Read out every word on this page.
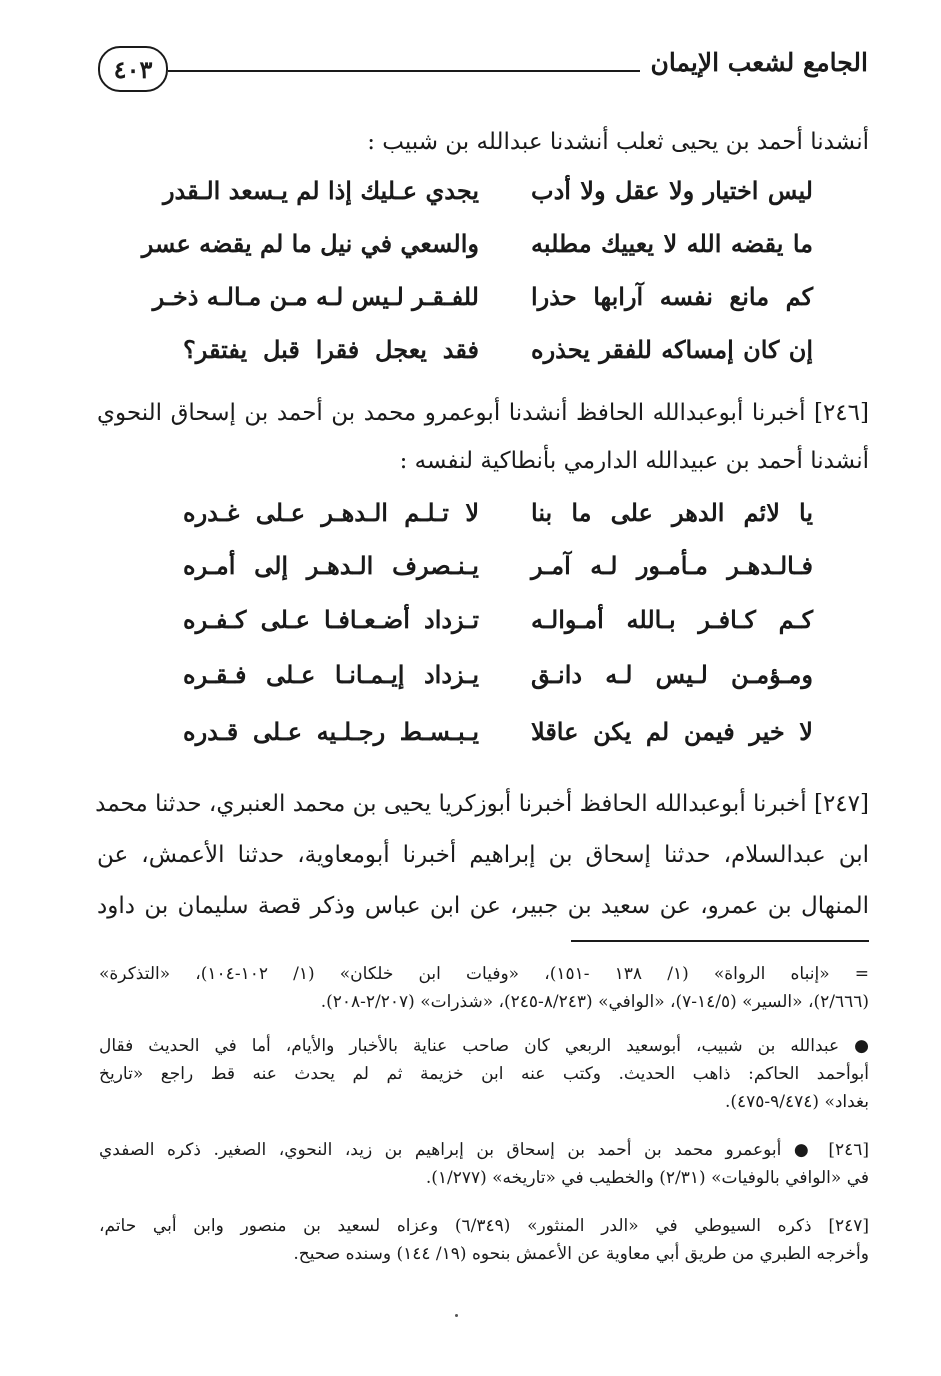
الجامع لشعب الإيمان
٤٠٣
أنشدنا أحمد بن يحيى ثعلب أنشدنا عبدالله بن شبيب :
ليس اختيار ولا عقل ولا أدب
يجدي عـليك إذا لم يـسعد الـقدر
ما يقضه الله لا يعييك مطلبه
والسعي في نيل ما لم يقضه عسر
كم مانع نفسه آرابها حذرا
للفـقـر لـيس لـه مـن مـالـه ذخـر
إن كان إمساكه للفقر يحذره
فقد يعجل فقرا قبل يفتقر؟
[٢٤٦] أخبرنا أبوعبدالله الحافظ أنشدنا أبوعمرو محمد بن أحمد بن إسحاق النحوي
أنشدنا أحمد بن عبيدالله الدارمي بأنطاكية لنفسه :
يا لائم الدهر على ما بنا
لا تـلـم الـدهـر عـلى غـدره
فـالـدهـر مـأمـور لـه آمـر
يـنـصرف الـدهـر إلى أمـره
كـم كـافـر بـالله أمـوالـه
تـزداد أضـعـافـا عـلى كـفـره
ومـؤمـن لـيس لـه دانـق
يـزداد إيـمـانـا عـلى فـقـره
لا خير فيمن لم يكن عاقلا
يـبـسـط رجـلـيه عـلى قـدره
[٢٤٧] أخبرنا أبوعبدالله الحافظ أخبرنا أبوزكريا يحيى بن محمد العنبري، حدثنا محمد
ابن عبدالسلام، حدثنا إسحاق بن إبراهيم أخبرنا أبومعاوية، حدثنا الأعمش، عن
المنهال بن عمرو، عن سعيد بن جبير، عن ابن عباس وذكر قصة سليمان بن داود
= «إنباه الرواة» (١/ ١٣٨ -١٥١)، «وفيات ابن خلكان» (١/ ١٠٢-١٠٤)، «التذكرة»
(٢/٦٦٦)، «السير» (١٤/٥-٧)، «الوافي» (٨/٢٤٣-٢٤٥)، «شذرات» (٢/٢٠٧-٢٠٨).
● عبدالله بن شبيب، أبوسعيد الربعي كان صاحب عناية بالأخبار والأيام، أما في الحديث فقال
أبوأحمد الحاكم: ذاهب الحديث. وكتب عنه ابن خزيمة ثم لم يحدث عنه قط راجع «تاريخ
بغداد» (٩/٤٧٤-٤٧٥).
[٢٤٦] ● أبوعمرو محمد بن أحمد بن إسحاق بن إبراهيم بن زيد، النحوي، الصغير. ذكره الصفدي
في «الوافي بالوفيات» (٢/٣١) والخطيب في «تاريخه» (١/٢٧٧).
[٢٤٧] ذكره السيوطي في «الدر المنثور» (٦/٣٤٩) وعزاه لسعيد بن منصور وابن أبي حاتم،
وأخرجه الطبري من طريق أبي معاوية عن الأعمش بنحوه (١٩/ ١٤٤) وسنده صحيح.
